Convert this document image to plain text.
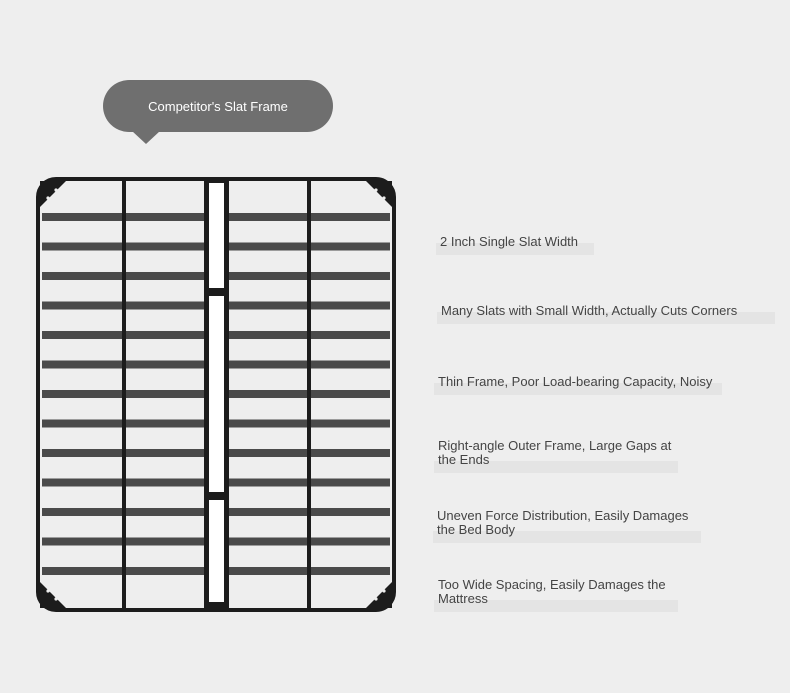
Competitor's Slat Frame
2 Inch Single Slat Width
Many Slats with Small Width, Actually Cuts Corners
Thin Frame, Poor Load-bearing Capacity, Noisy
Right-angle Outer Frame, Large Gaps at the Ends
Uneven Force Distribution, Easily Damages the Bed Body
Too Wide Spacing, Easily Damages the Mattress
